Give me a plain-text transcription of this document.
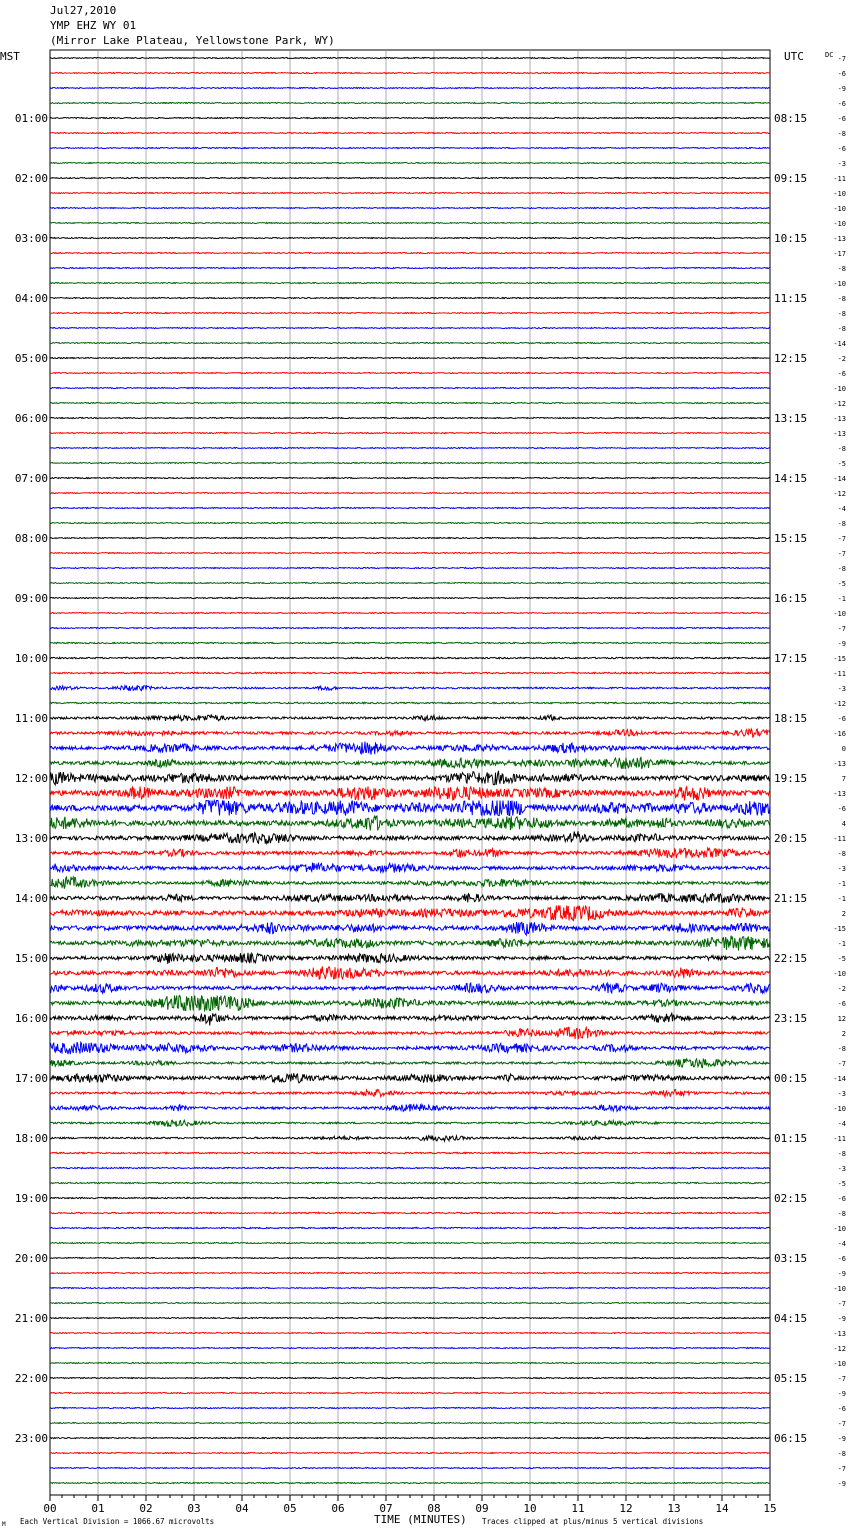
Jul27,2010
YMP EHZ WY 01
(Mirror Lake Plateau, Yellowstone Park, WY)
MST	UTC	DC -7
-6
-9
-6
-6
01:00	08:15
-8
-6
-3
-11
02:00	09:15
-10
-10
-10
-13
03:00	10:15
-17
-8
-10
-8
04:00	11:15
-8
-8
-14
-2
05:00	12:15
-6
-10
-12
-13
06:00	13:15
-13
-8
-5
-14
07:00	14:15
-12
-4
-8
-7
08:00	15:15
-7
-8
-5
-1
09:00	16:15
-10
-7
-9
-15
10:00	17:15
-11
-3
-12
-6
11:00	18:15
-16
0
-13
7
12:00	19:15
-13
-6
4
-11
13:00	20:15
-8
-3
-1
-1
14:00	21:15
2
-15
-1
-5
15:00	22:15
-10
-2
-6
12
16:00	23:15
2
-8
-7
-14
17:00	00:15
-3
-10
-4
-11
18:00	01:15
-8
-3
-5
-6
19:00	02:15
-8
-10
-4
-6
20:00	03:15
-9
-10
-7
-9
21:00	04:15
-13
-12
-10
-7
22:00	05:15
-9
-6
-7
-9
23:00	06:15
-8
-7
-9
00	01	02	03	04	05	06	07	08	09	10	11	12	13	14	15
TIME (MINUTES)
Each Vertical Division = 1066.67 microvolts	Traces clipped at plus/minus 5 vertical divisions
M
